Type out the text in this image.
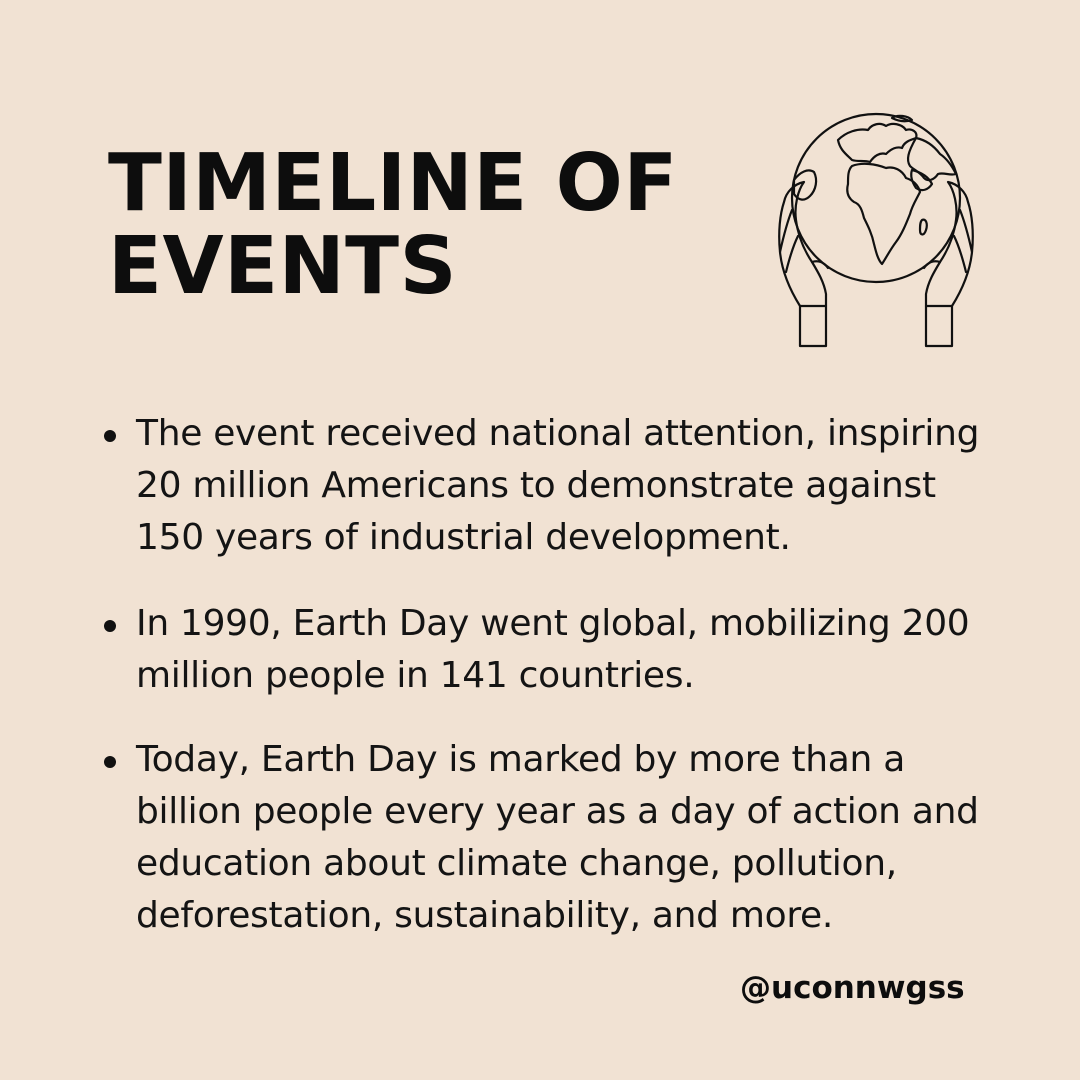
TIMELINE OF
EVENTS
The event received national attention, inspiring
20 million Americans to demonstrate against
150 years of industrial development.
In 1990, Earth Day went global, mobilizing 200
million people in 141 countries.
Today, Earth Day is marked by more than a
billion people every year as a day of action and
education about climate change, pollution,
deforestation, sustainability, and more.

@uconnwgss
